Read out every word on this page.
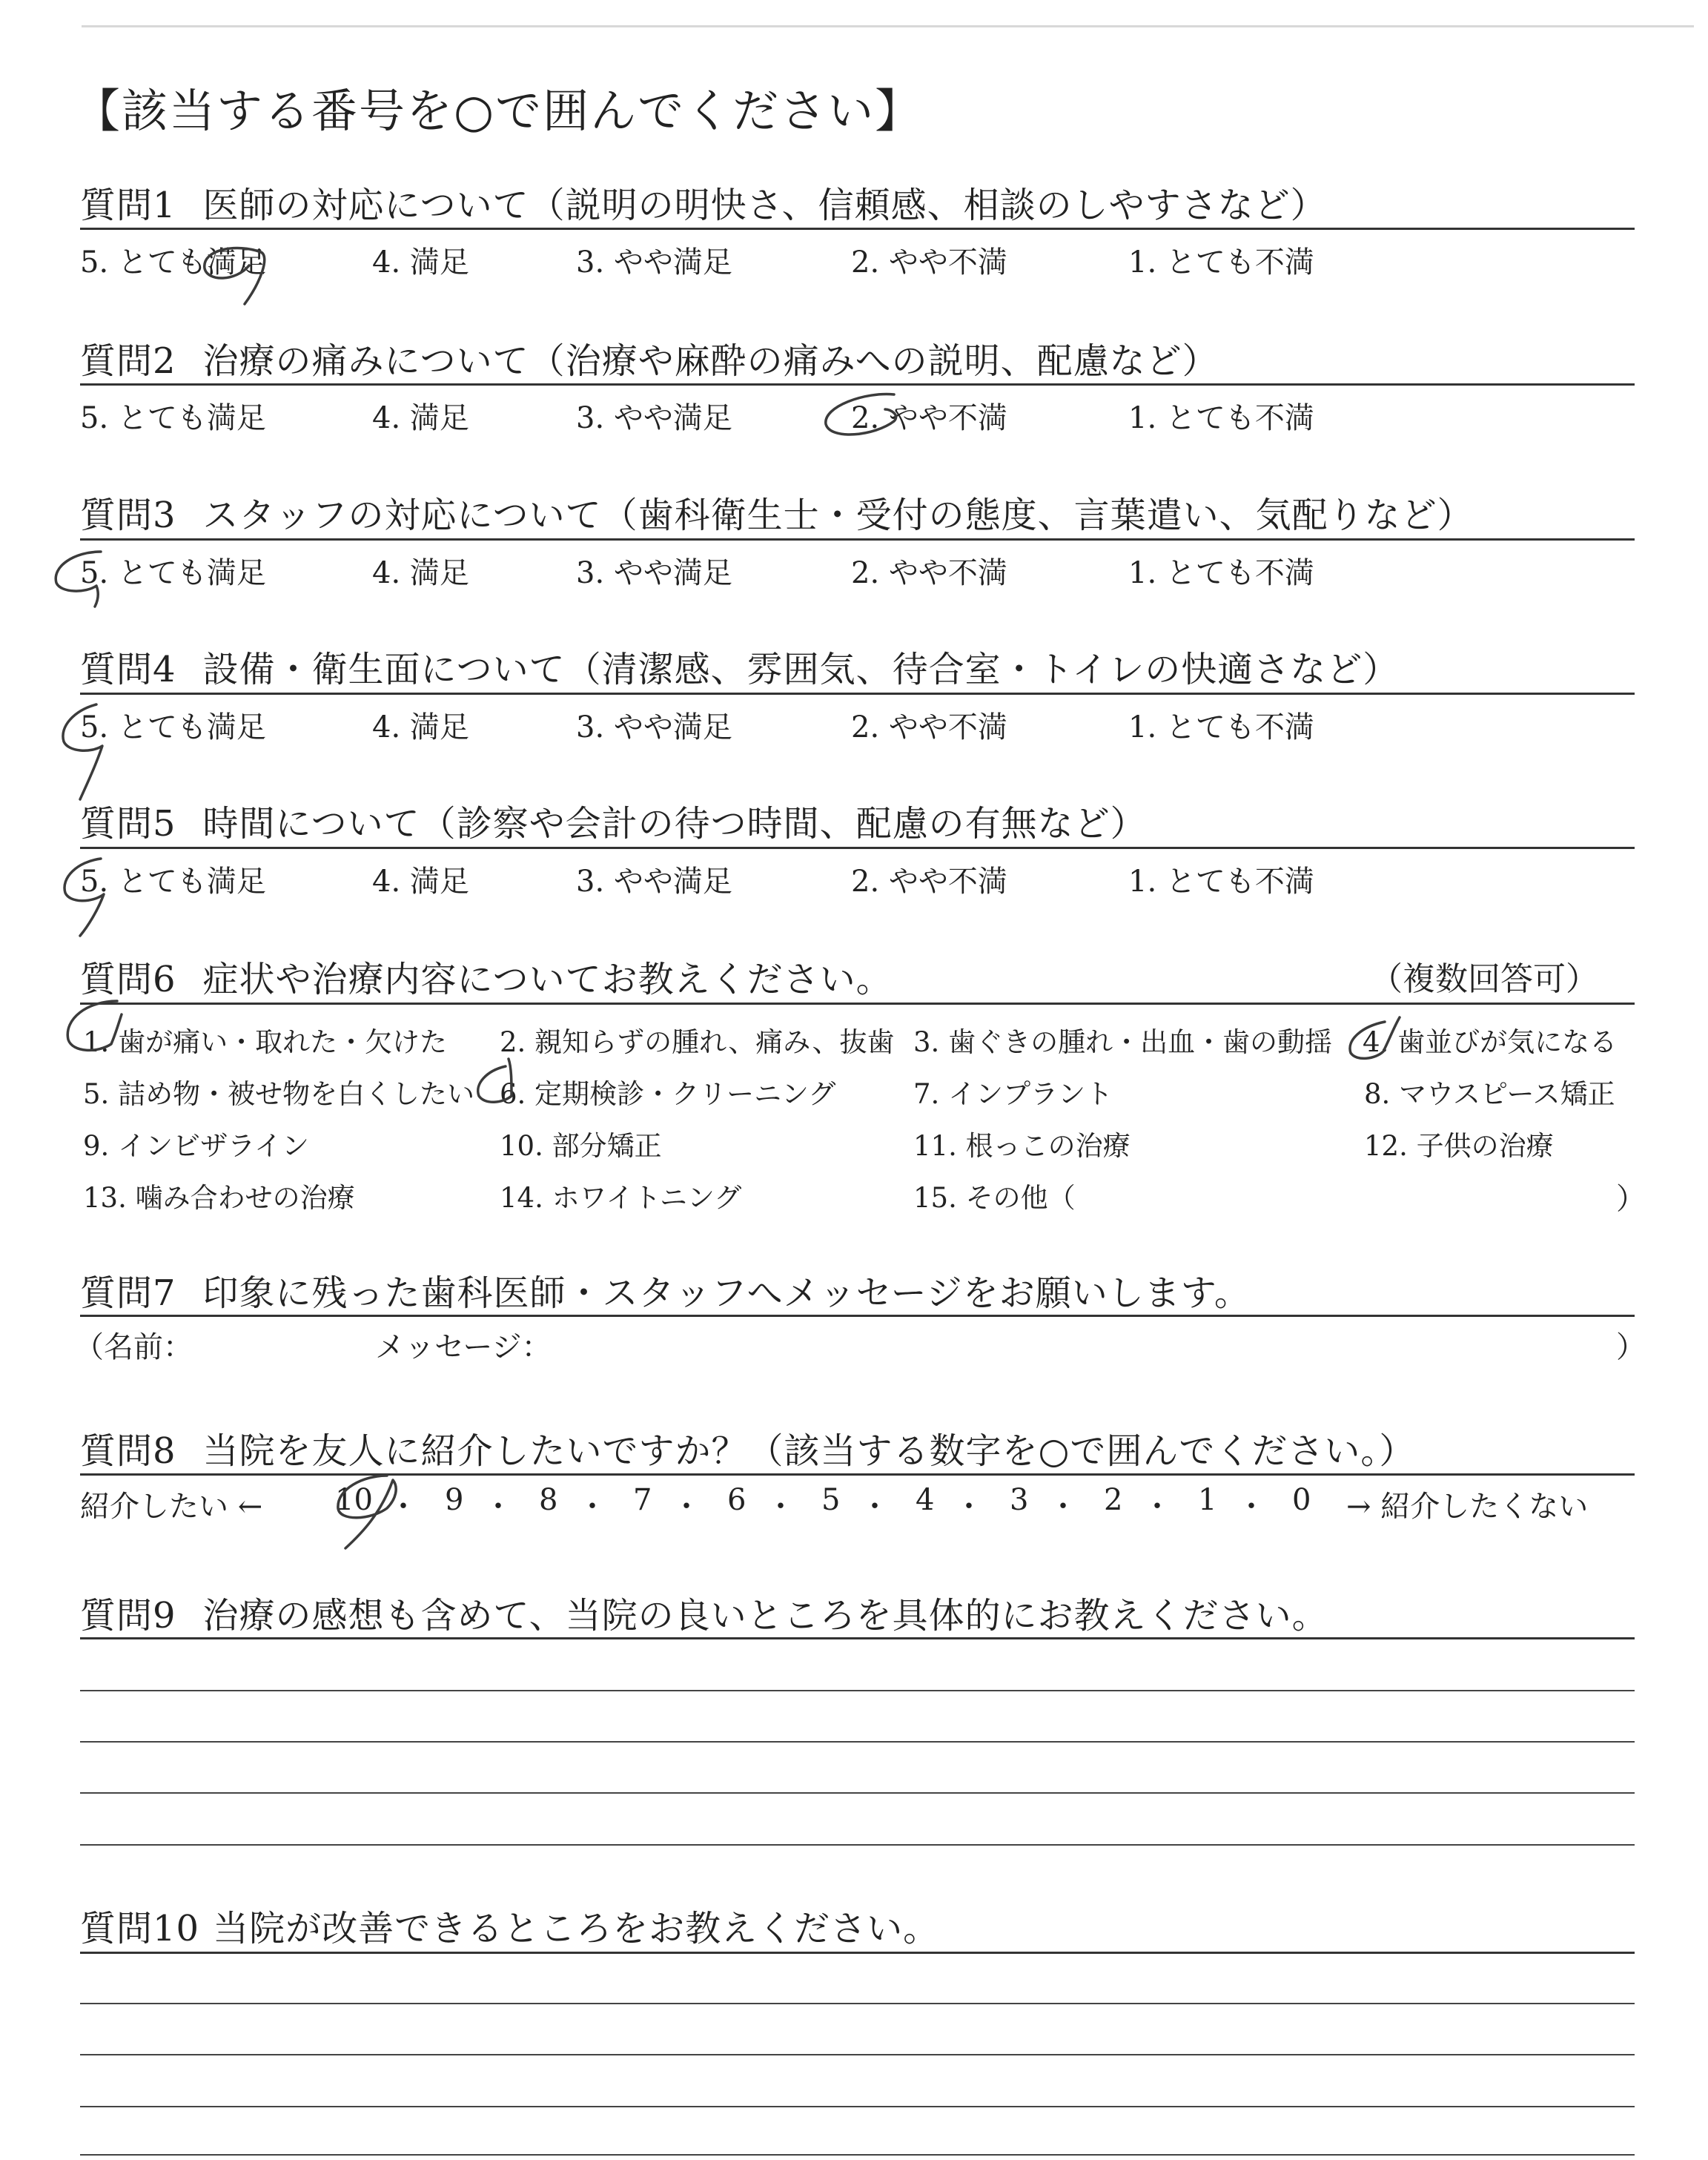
【該当する番号を○で囲んでください】
質問1 医師の対応について（説明の明快さ、信頼感、相談のしやすさなど）
5. とても満足	4. 満足	3. やや満足	2. やや不満	1. とても不満
質問2 治療の痛みについて（治療や麻酔の痛みへの説明、配慮など）
5. とても満足	4. 満足	3. やや満足	2. やや不満	1. とても不満
質問3 スタッフの対応について（歯科衛生士・受付の態度、言葉遣い、気配りなど）
5. とても満足	4. 満足	3. やや満足	2. やや不満	1. とても不満
質問4 設備・衛生面について（清潔感、雰囲気、待合室・トイレの快適さなど）
5. とても満足	4. 満足	3. やや満足	2. やや不満	1. とても不満
質問5 時間について（診察や会計の待つ時間、配慮の有無など）
5. とても満足	4. 満足	3. やや満足	2. やや不満	1. とても不満
質問6 症状や治療内容についてお教えください。	（複数回答可）
1. 歯が痛い・取れた・欠けた 2. 親知らずの腫れ、痛み、抜歯 3. 歯ぐきの腫れ・出血・歯の動揺 4. 歯並びが気になる
5. 詰め物・被せ物を白くしたい 6. 定期検診・クリーニング	7. インプラント	8. マウスピース矯正
9. インビザライン	10. 部分矯正	11. 根っこの治療	12. 子供の治療
13. 噛み合わせの治療	14. ホワイトニング	15. その他（	）
質問7 印象に残った歯科医師・スタッフへメッセージをお願いします。
（名前：	メッセージ：	）
質問8 当院を友人に紹介したいですか？（該当する数字を○で囲んでください。）
紹介したい ← 10 ・ 9 ・ 8 ・ 7 ・ 6 ・ 5 ・ 4 ・ 3 ・ 2 ・ 1 ・ 0 → 紹介したくない
質問9 治療の感想も含めて、当院の良いところを具体的にお教えください。
質問10 当院が改善できるところをお教えください。
